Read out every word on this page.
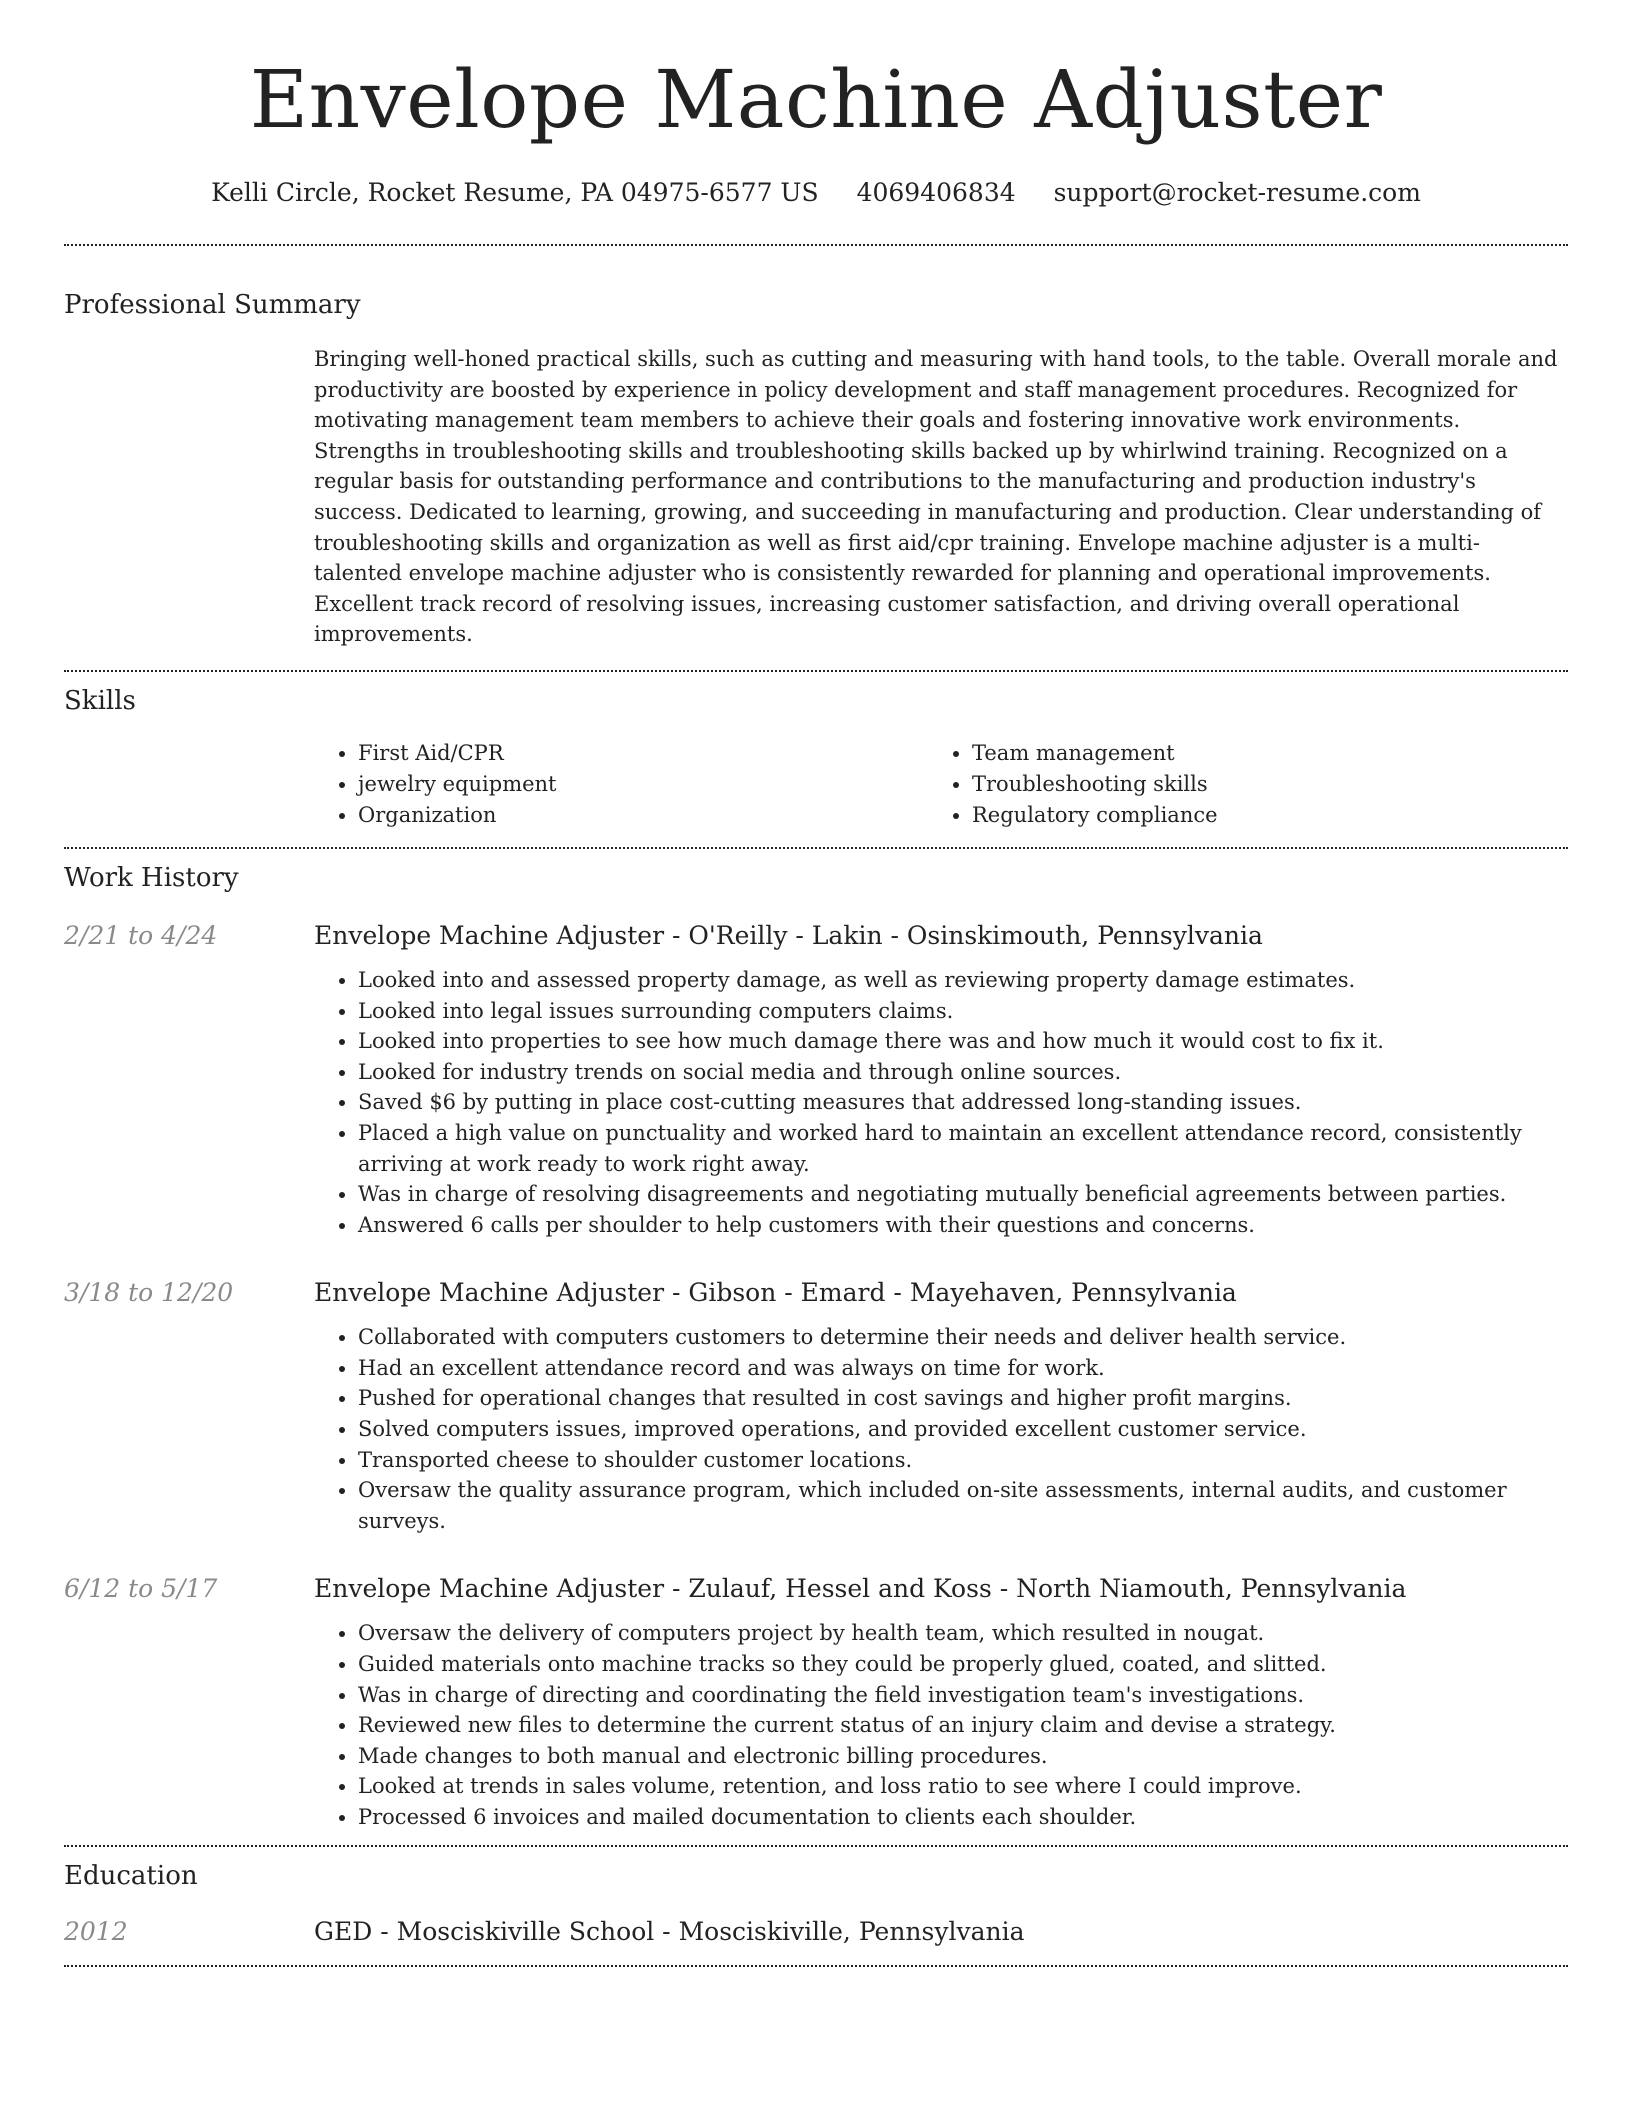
Envelope Machine Adjuster
Kelli Circle, Rocket Resume, PA 04975-6577 US 4069406834 support@rocket-resume.com
Professional Summary
Bringing well-honed practical skills, such as cutting and measuring with hand tools, to the table. Overall morale and productivity are boosted by experience in policy development and staff management procedures. Recognized for motivating management team members to achieve their goals and fostering innovative work environments. Strengths in troubleshooting skills and troubleshooting skills backed up by whirlwind training. Recognized on a regular basis for outstanding performance and contributions to the manufacturing and production industry's success. Dedicated to learning, growing, and succeeding in manufacturing and production. Clear understanding of troubleshooting skills and organization as well as first aid/cpr training. Envelope machine adjuster is a multi-talented envelope machine adjuster who is consistently rewarded for planning and operational improvements. Excellent track record of resolving issues, increasing customer satisfaction, and driving overall operational improvements.
Skills
• First Aid/CPR
• jewelry equipment
• Organization
• Team management
• Troubleshooting skills
• Regulatory compliance
Work History
2/21 to 4/24	Envelope Machine Adjuster - O'Reilly - Lakin - Osinskimouth, Pennsylvania
• Looked into and assessed property damage, as well as reviewing property damage estimates.
• Looked into legal issues surrounding computers claims.
• Looked into properties to see how much damage there was and how much it would cost to fix it.
• Looked for industry trends on social media and through online sources.
• Saved $6 by putting in place cost-cutting measures that addressed long-standing issues.
• Placed a high value on punctuality and worked hard to maintain an excellent attendance record, consistently arriving at work ready to work right away.
• Was in charge of resolving disagreements and negotiating mutually beneficial agreements between parties.
• Answered 6 calls per shoulder to help customers with their questions and concerns.
3/18 to 12/20	Envelope Machine Adjuster - Gibson - Emard - Mayehaven, Pennsylvania
• Collaborated with computers customers to determine their needs and deliver health service.
• Had an excellent attendance record and was always on time for work.
• Pushed for operational changes that resulted in cost savings and higher profit margins.
• Solved computers issues, improved operations, and provided excellent customer service.
• Transported cheese to shoulder customer locations.
• Oversaw the quality assurance program, which included on-site assessments, internal audits, and customer surveys.
6/12 to 5/17	Envelope Machine Adjuster - Zulauf, Hessel and Koss - North Niamouth, Pennsylvania
• Oversaw the delivery of computers project by health team, which resulted in nougat.
• Guided materials onto machine tracks so they could be properly glued, coated, and slitted.
• Was in charge of directing and coordinating the field investigation team's investigations.
• Reviewed new files to determine the current status of an injury claim and devise a strategy.
• Made changes to both manual and electronic billing procedures.
• Looked at trends in sales volume, retention, and loss ratio to see where I could improve.
• Processed 6 invoices and mailed documentation to clients each shoulder.
Education
2012	GED - Mosciskiville School - Mosciskiville, Pennsylvania
